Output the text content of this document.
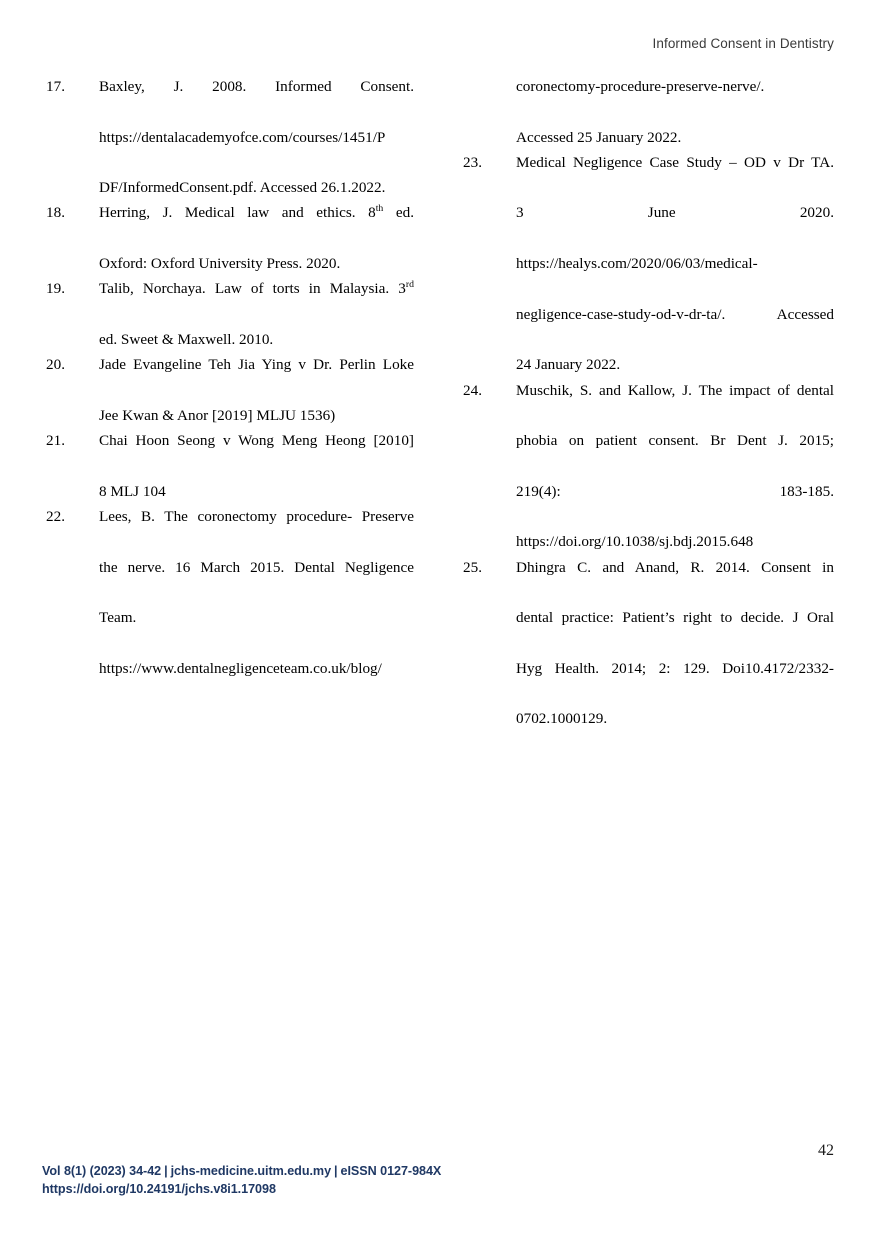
Informed Consent in Dentistry
17.	Baxley, J. 2008. Informed Consent.
https://dentalacademyofce.com/courses/1451/P
DF/InformedConsent.pdf. Accessed 26.1.2022.
18.	Herring, J. Medical law and ethics. 8th ed.
Oxford: Oxford University Press. 2020.
19.	Talib, Norchaya. Law of torts in Malaysia. 3rd
ed. Sweet & Maxwell. 2010.
20.	Jade Evangeline Teh Jia Ying v Dr. Perlin Loke
Jee Kwan & Anor [2019] MLJU 1536)
21.	Chai Hoon Seong v Wong Meng Heong [2010]
8 MLJ 104
22.	Lees, B. The coronectomy procedure- Preserve
the nerve. 16 March 2015. Dental Negligence
Team.
https://www.dentalnegligenceteam.co.uk/blog/
coronectomy-procedure-preserve-nerve/.
Accessed 25 January 2022.
23.	Medical Negligence Case Study – OD v Dr TA.
3 June 2020.
https://healys.com/2020/06/03/medical-
negligence-case-study-od-v-dr-ta/. Accessed
24 January 2022.
24.	Muschik, S. and Kallow, J. The impact of dental
phobia on patient consent. Br Dent J. 2015;
219(4): 183-185.
https://doi.org/10.1038/sj.bdj.2015.648
25.	Dhingra C. and Anand, R. 2014. Consent in
dental practice: Patient’s right to decide. J Oral
Hyg Health. 2014; 2: 129. Doi10.4172/2332-
0702.1000129.
42
Vol 8(1) (2023) 34-42 | jchs-medicine.uitm.edu.my | eISSN 0127-984X
https://doi.org/10.24191/jchs.v8i1.17098
